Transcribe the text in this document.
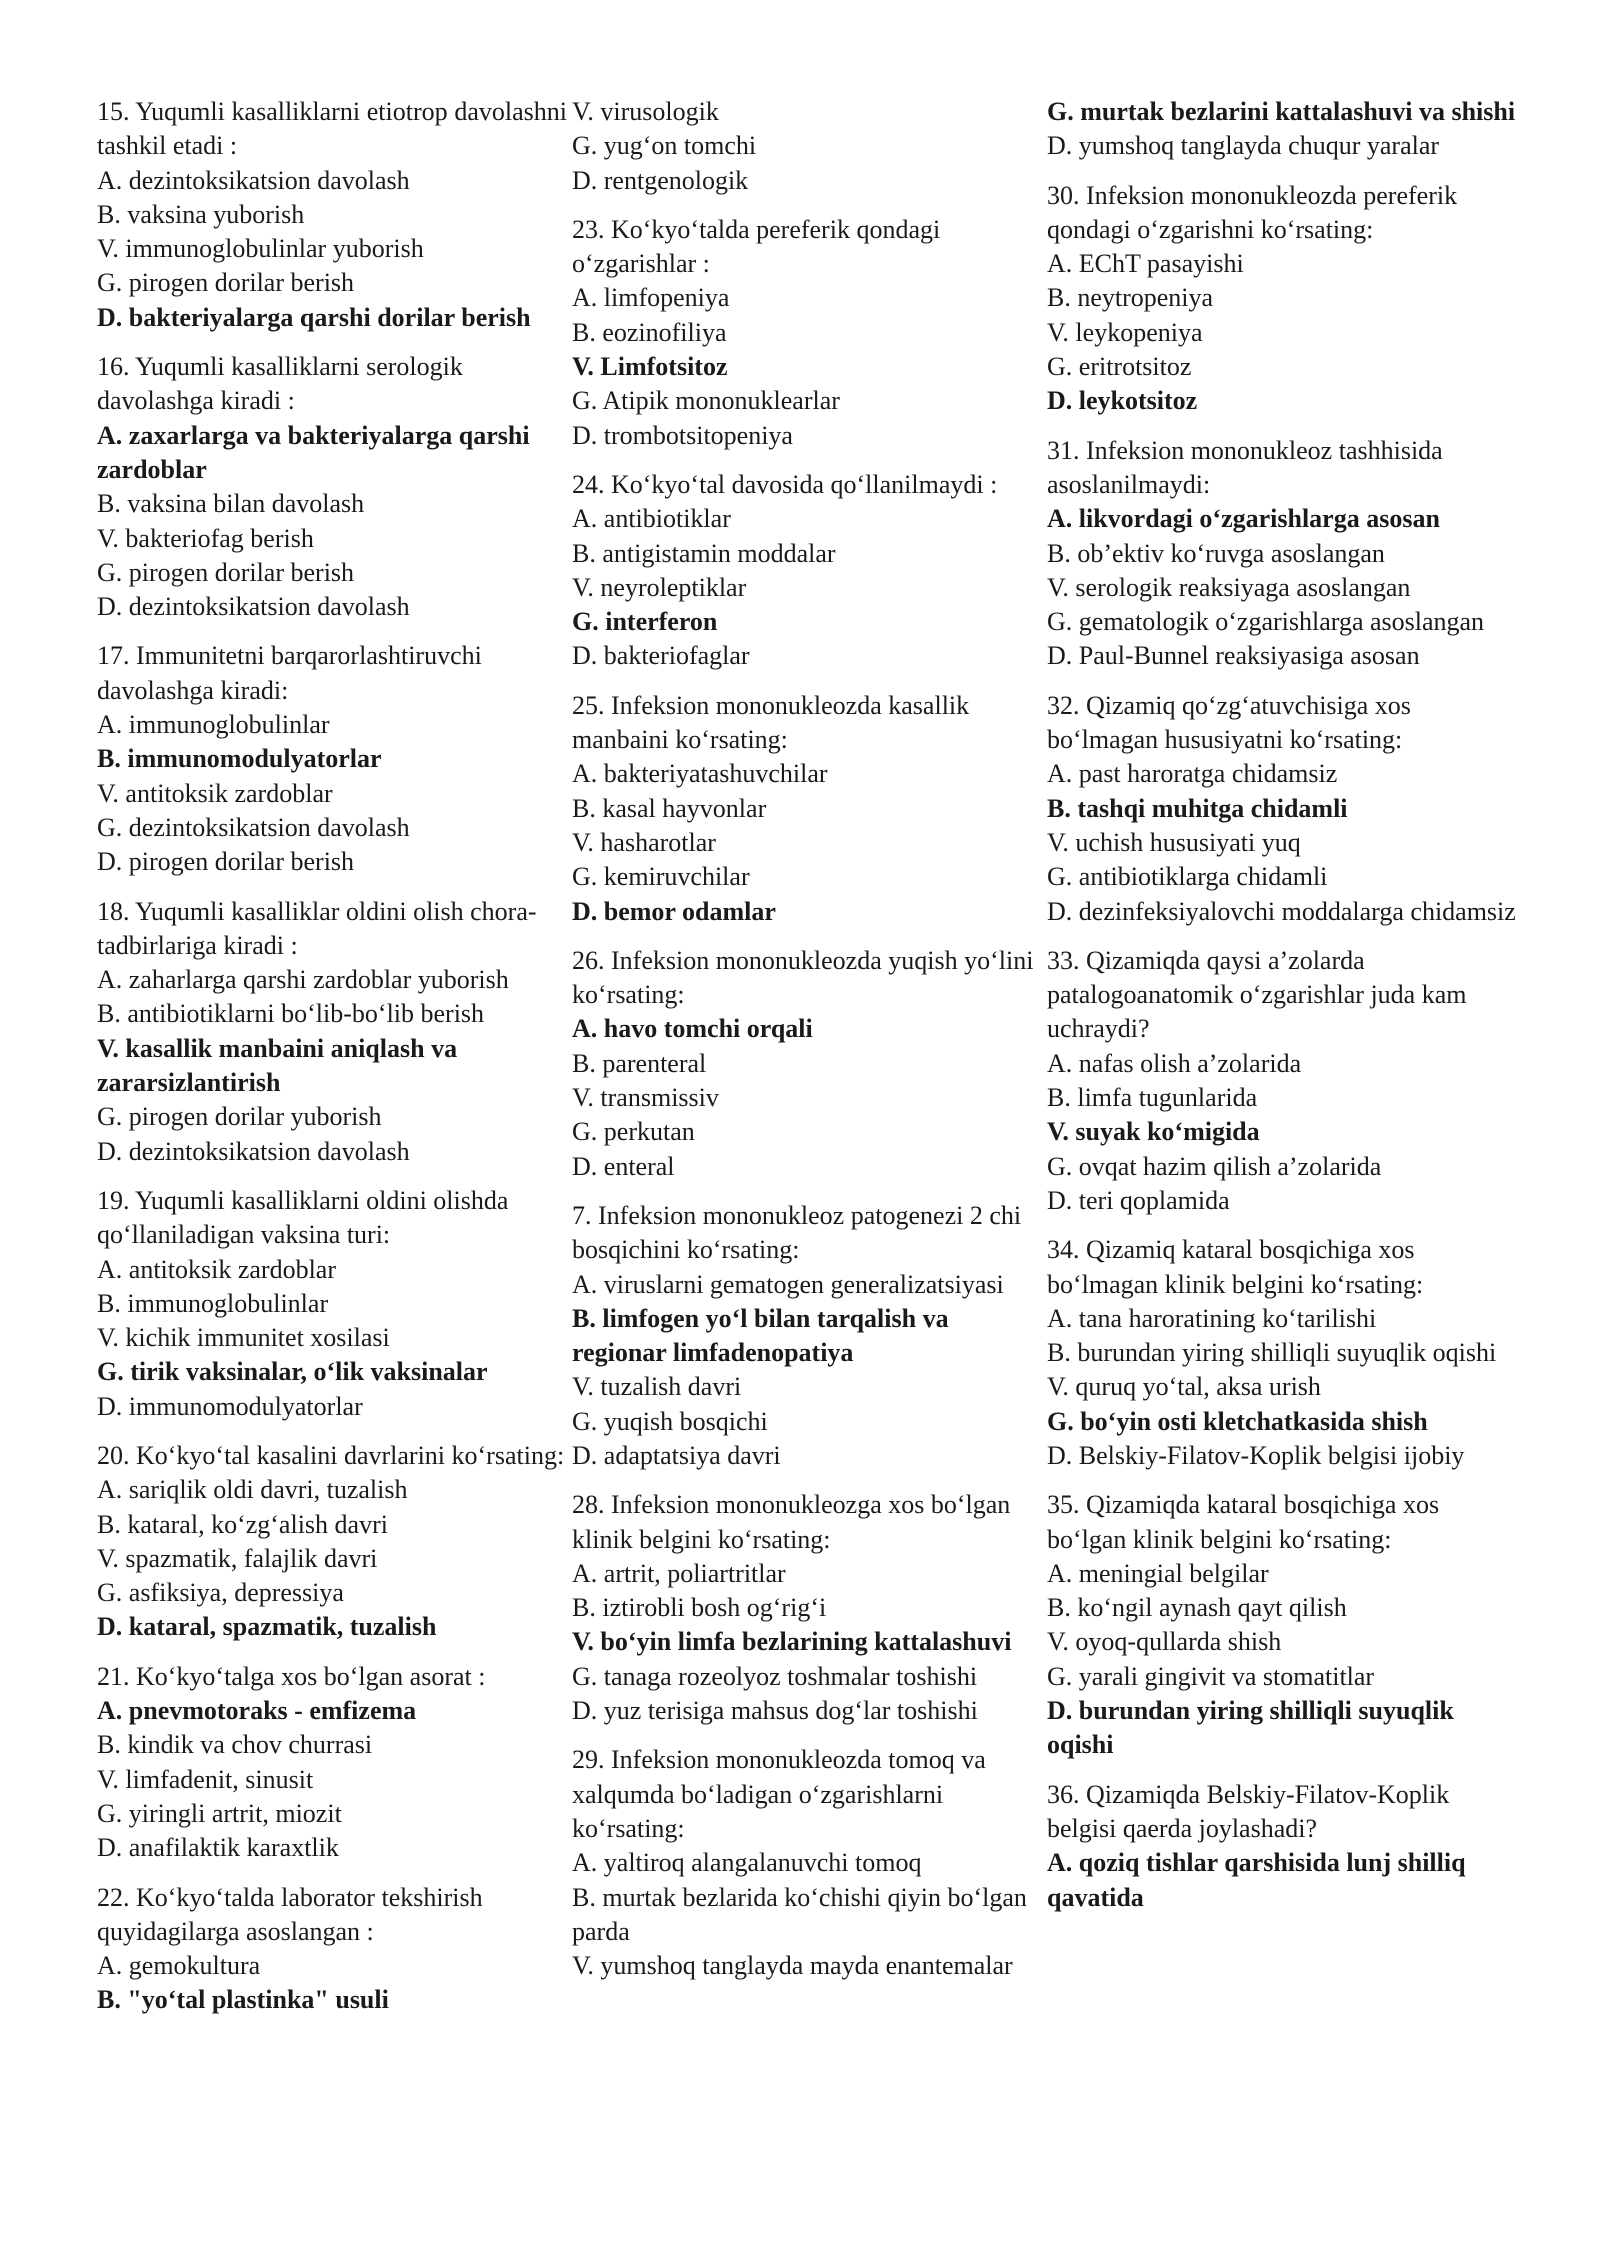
15. Yuqumli kasalliklarni etiotrop davolashni tashkil etadi :

A. dezintoksikatsion davolash
B. vaksina yuborish
V. immunoglobulinlar yuborish
G. pirogen dorilar berish
D. bakteriyalarga qarshi dorilar berish

16. Yuqumli kasalliklarni serologik davolashga kiradi :

A. zaxarlarga va bakteriyalarga qarshi zardoblar
B. vaksina bilan davolash
V. bakteriofag berish
G. pirogen dorilar berish
D. dezintoksikatsion davolash

17. Immunitetni barqarorlashtiruvchi davolashga kiradi:

A. immunoglobulinlar
B. immunomodulyatorlar
V. antitoksik zardoblar
G. dezintoksikatsion davolash
D. pirogen dorilar berish

18. Yuqumli kasalliklar oldini olish chora-tadbirlariga kiradi :

A. zaharlarga qarshi zardoblar yuborish
B. antibiotiklarni bo‘lib-bo‘lib berish
V. kasallik manbaini aniqlash va zararsizlantirish
G. pirogen dorilar yuborish
D. dezintoksikatsion davolash

19. Yuqumli kasalliklarni oldini olishda qo‘llaniladigan vaksina turi:

A. antitoksik zardoblar
B. immunoglobulinlar
V. kichik immunitet xosilasi
G. tirik vaksinalar, o‘lik vaksinalar
D. immunomodulyatorlar

20. Ko‘kyo‘tal kasalini davrlarini ko‘rsating:

A. sariqlik oldi davri, tuzalish
B. kataral, ko‘zg‘alish davri
V. spazmatik, falajlik davri
G. asfiksiya, depressiya
D. kataral, spazmatik, tuzalish

21. Ko‘kyo‘talga xos bo‘lgan asorat :

A. pnevmotoraks - emfizema
B. kindik va chov churrasi
V. limfadenit, sinusit
G. yiringli artrit, miozit
D. anafilaktik karaxtlik

22. Ko‘kyo‘talda laborator tekshirish quyidagilarga asoslangan :

A. gemokultura
B. "yo‘tal plastinka" usuli
V. virusologik
G. yug‘on tomchi
D. rentgenologik

23. Ko‘kyo‘talda pereferik qondagi o‘zgarishlar :

A. limfopeniya
B. eozinofiliya
V. Limfotsitoz
G. Atipik mononuklearlar
D. trombotsitopeniya

24. Ko‘kyo‘tal davosida qo‘llanilmaydi :

A. antibiotiklar
B. antigistamin moddalar
V. neyroleptiklar
G. interferon
D. bakteriofaglar

25. Infeksion mononukleozda kasallik manbaini ko‘rsating:

A. bakteriyatashuvchilar
B. kasal hayvonlar
V. hasharotlar
G. kemiruvchilar
D. bemor odamlar

26. Infeksion mononukleozda yuqish yo‘lini ko‘rsating:

A. havo tomchi orqali
B. parenteral
V. transmissiv
G. perkutan
D. enteral

7. Infeksion mononukleoz patogenezi 2 chi bosqichini ko‘rsating:

A. viruslarni gematogen generalizatsiyasi
B. limfogen yo‘l bilan tarqalish va regionar limfadenopatiya
V. tuzalish davri
G. yuqish bosqichi
D. adaptatsiya davri

28. Infeksion mononukleozga xos bo‘lgan klinik belgini ko‘rsating:

A. artrit, poliartritlar
B. iztirobli bosh og‘rig‘i
V. bo‘yin limfa bezlarining kattalashuvi
G. tanaga rozeolyoz toshmalar toshishi
D. yuz terisiga mahsus dog‘lar toshishi

29. Infeksion mononukleozda tomoq va xalqumda bo‘ladigan o‘zgarishlarni ko‘rsating:

A. yaltiroq alangalanuvchi tomoq
B. murtak bezlarida ko‘chishi qiyin bo‘lgan parda
V. yumshoq tanglayda mayda enantemalar
G. murtak bezlarini kattalashuvi va shishi
D. yumshoq tanglayda chuqur yaralar

30. Infeksion mononukleozda pereferik qondagi o‘zgarishni ko‘rsating:

A. EChT pasayishi
B. neytropeniya
V. leykopeniya
G. eritrotsitoz
D. leykotsitoz

31. Infeksion mononukleoz tashhisida asoslanilmaydi:

A. likvordagi o‘zgarishlarga asosan
B. ob’ektiv ko‘ruvga asoslangan
V. serologik reaksiyaga asoslangan
G. gematologik o‘zgarishlarga asoslangan
D. Paul-Bunnel reaksiyasiga asosan

32. Qizamiq qo‘zg‘atuvchisiga xos bo‘lmagan hususiyatni ko‘rsating:

A. past haroratga chidamsiz
B. tashqi muhitga chidamli
V. uchish hususiyati yuq
G. antibiotiklarga chidamli
D. dezinfeksiyalovchi moddalarga chidamsiz

33. Qizamiqda qaysi a’zolarda patalogoanatomik o‘zgarishlar juda kam uchraydi?

A. nafas olish a’zolarida
B. limfa tugunlarida
V. suyak ko‘migida
G. ovqat hazim qilish a’zolarida
D. teri qoplamida

34. Qizamiq kataral bosqichiga xos bo‘lmagan klinik belgini ko‘rsating:

A. tana haroratining ko‘tarilishi
B. burundan yiring shilliqli suyuqlik oqishi
V. quruq yo‘tal, aksa urish
G. bo‘yin osti kletchatkasida shish
D. Belskiy-Filatov-Koplik belgisi ijobiy

35. Qizamiqda kataral bosqichiga xos bo‘lgan klinik belgini ko‘rsating:

A. meningial belgilar
B. ko‘ngil aynash qayt qilish
V. oyoq-qullarda shish
G. yarali gingivit va stomatitlar
D. burundan yiring shilliqli suyuqlik oqishi

36. Qizamiqda Belskiy-Filatov-Koplik belgisi qaerda joylashadi?

A. qoziq tishlar qarshisida lunj shilliq qavatida
